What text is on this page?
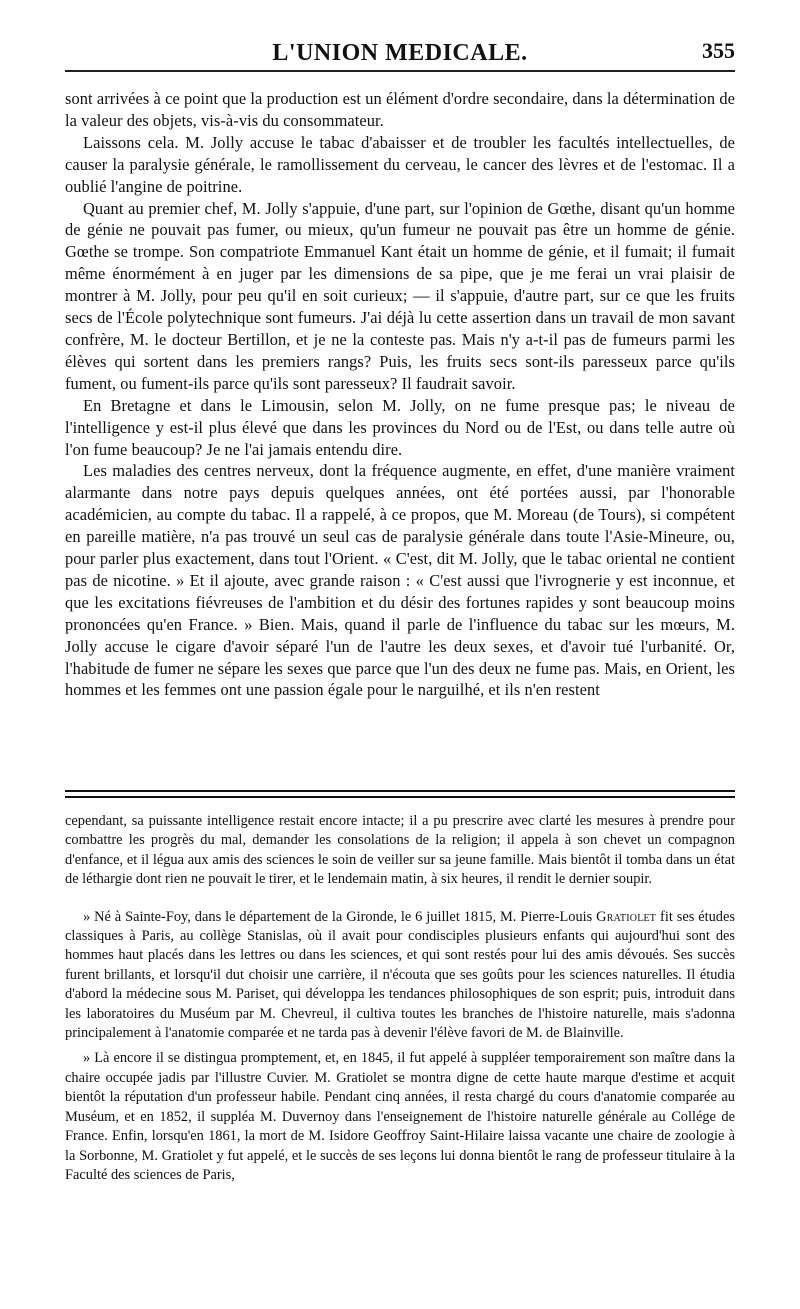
L'UNION MEDICALE.	355

sont arrivées à ce point que la production est un élément d'ordre secondaire, dans la détermination de la valeur des objets, vis-à-vis du consommateur.

Laissons cela. M. Jolly accuse le tabac d'abaisser et de troubler les facultés intellectuelles, de causer la paralysie générale, le ramollissement du cerveau, le cancer des lèvres et de l'estomac. Il a oublié l'angine de poitrine.

Quant au premier chef, M. Jolly s'appuie, d'une part, sur l'opinion de Gœthe, disant qu'un homme de génie ne pouvait pas fumer, ou mieux, qu'un fumeur ne pouvait pas être un homme de génie. Gœthe se trompe. Son compatriote Emmanuel Kant était un homme de génie, et il fumait; il fumait même énormément à en juger par les dimensions de sa pipe, que je me ferai un vrai plaisir de montrer à M. Jolly, pour peu qu'il en soit curieux; — il s'appuie, d'autre part, sur ce que les fruits secs de l'École polytechnique sont fumeurs. J'ai déjà lu cette assertion dans un travail de mon savant confrère, M. le docteur Bertillon, et je ne la conteste pas. Mais n'y a-t-il pas de fumeurs parmi les élèves qui sortent dans les premiers rangs? Puis, les fruits secs sont-ils paresseux parce qu'ils fument, ou fument-ils parce qu'ils sont paresseux? Il faudrait savoir.

En Bretagne et dans le Limousin, selon M. Jolly, on ne fume presque pas; le niveau de l'intelligence y est-il plus élevé que dans les provinces du Nord ou de l'Est, ou dans telle autre où l'on fume beaucoup? Je ne l'ai jamais entendu dire.

Les maladies des centres nerveux, dont la fréquence augmente, en effet, d'une manière vraiment alarmante dans notre pays depuis quelques années, ont été portées aussi, par l'honorable académicien, au compte du tabac. Il a rappelé, à ce propos, que M. Moreau (de Tours), si compétent en pareille matière, n'a pas trouvé un seul cas de paralysie générale dans toute l'Asie-Mineure, ou, pour parler plus exactement, dans tout l'Orient. « C'est, dit M. Jolly, que le tabac oriental ne contient pas de nicotine. » Et il ajoute, avec grande raison : « C'est aussi que l'ivrognerie y est inconnue, et que les excitations fiévreuses de l'ambition et du désir des fortunes rapides y sont beaucoup moins prononcées qu'en France. » Bien. Mais, quand il parle de l'influence du tabac sur les mœurs, M. Jolly accuse le cigare d'avoir séparé l'un de l'autre les deux sexes, et d'avoir tué l'urbanité. Or, l'habitude de fumer ne sépare les sexes que parce que l'un des deux ne fume pas. Mais, en Orient, les hommes et les femmes ont une passion égale pour le narguilhé, et ils n'en restent

cependant, sa puissante intelligence restait encore intacte; il a pu prescrire avec clarté les mesures à prendre pour combattre les progrès du mal, demander les consolations de la religion; il appela à son chevet un compagnon d'enfance, et il légua aux amis des sciences le soin de veiller sur sa jeune famille. Mais bientôt il tomba dans un état de léthargie dont rien ne pouvait le tirer, et le lendemain matin, à six heures, il rendit le dernier soupir.

» Né à Sainte-Foy, dans le département de la Gironde, le 6 juillet 1815, M. Pierre-Louis Gratiolet fit ses études classiques à Paris, au collège Stanislas, où il avait pour condisciples plusieurs enfants qui aujourd'hui sont des hommes haut placés dans les lettres ou dans les sciences, et qui sont restés pour lui des amis dévoués. Ses succès furent brillants, et lorsqu'il dut choisir une carrière, il n'écouta que ses goûts pour les sciences naturelles. Il étudia d'abord la médecine sous M. Pariset, qui développa les tendances philosophiques de son esprit; puis, introduit dans les laboratoires du Muséum par M. Chevreul, il cultiva toutes les branches de l'histoire naturelle, mais s'adonna principalement à l'anatomie comparée et ne tarda pas à devenir l'élève favori de M. de Blainville.

» Là encore il se distingua promptement, et, en 1845, il fut appelé à suppléer temporairement son maître dans la chaire occupée jadis par l'illustre Cuvier. M. Gratiolet se montra digne de cette haute marque d'estime et acquit bientôt la réputation d'un professeur habile. Pendant cinq années, il resta chargé du cours d'anatomie comparée au Muséum, et en 1852, il suppléa M. Duvernoy dans l'enseignement de l'histoire naturelle générale au Collége de France. Enfin, lorsqu'en 1861, la mort de M. Isidore Geoffroy Saint-Hilaire laissa vacante une chaire de zoologie à la Sorbonne, M. Gratiolet y fut appelé, et le succès de ses leçons lui donna bientôt le rang de professeur titulaire à la Faculté des sciences de Paris,
